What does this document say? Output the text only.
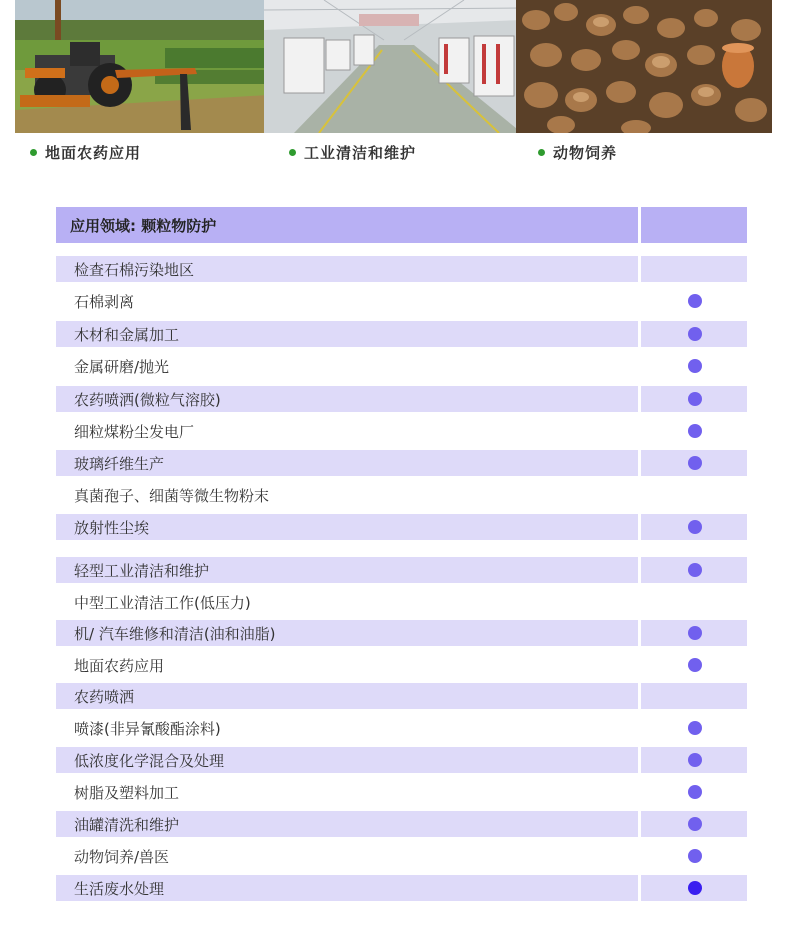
地面农药应用	工业清洁和维护	动物饲养
应用领域: 颗粒物防护
检查石棉污染地区
石棉剥离
木材和金属加工
金属研磨/抛光
农药喷洒(微粒气溶胶)
细粒煤粉尘发电厂
玻璃纤维生产
真菌孢子、细菌等微生物粉末
放射性尘埃
轻型工业清洁和维护
中型工业清洁工作(低压力)
机/ 汽车维修和清洁(油和油脂)
地面农药应用
农药喷洒
喷漆(非异氰酸酯涂料)
低浓度化学混合及处理
树脂及塑料加工
油罐清洗和维护
动物饲养/兽医
生活废水处理
